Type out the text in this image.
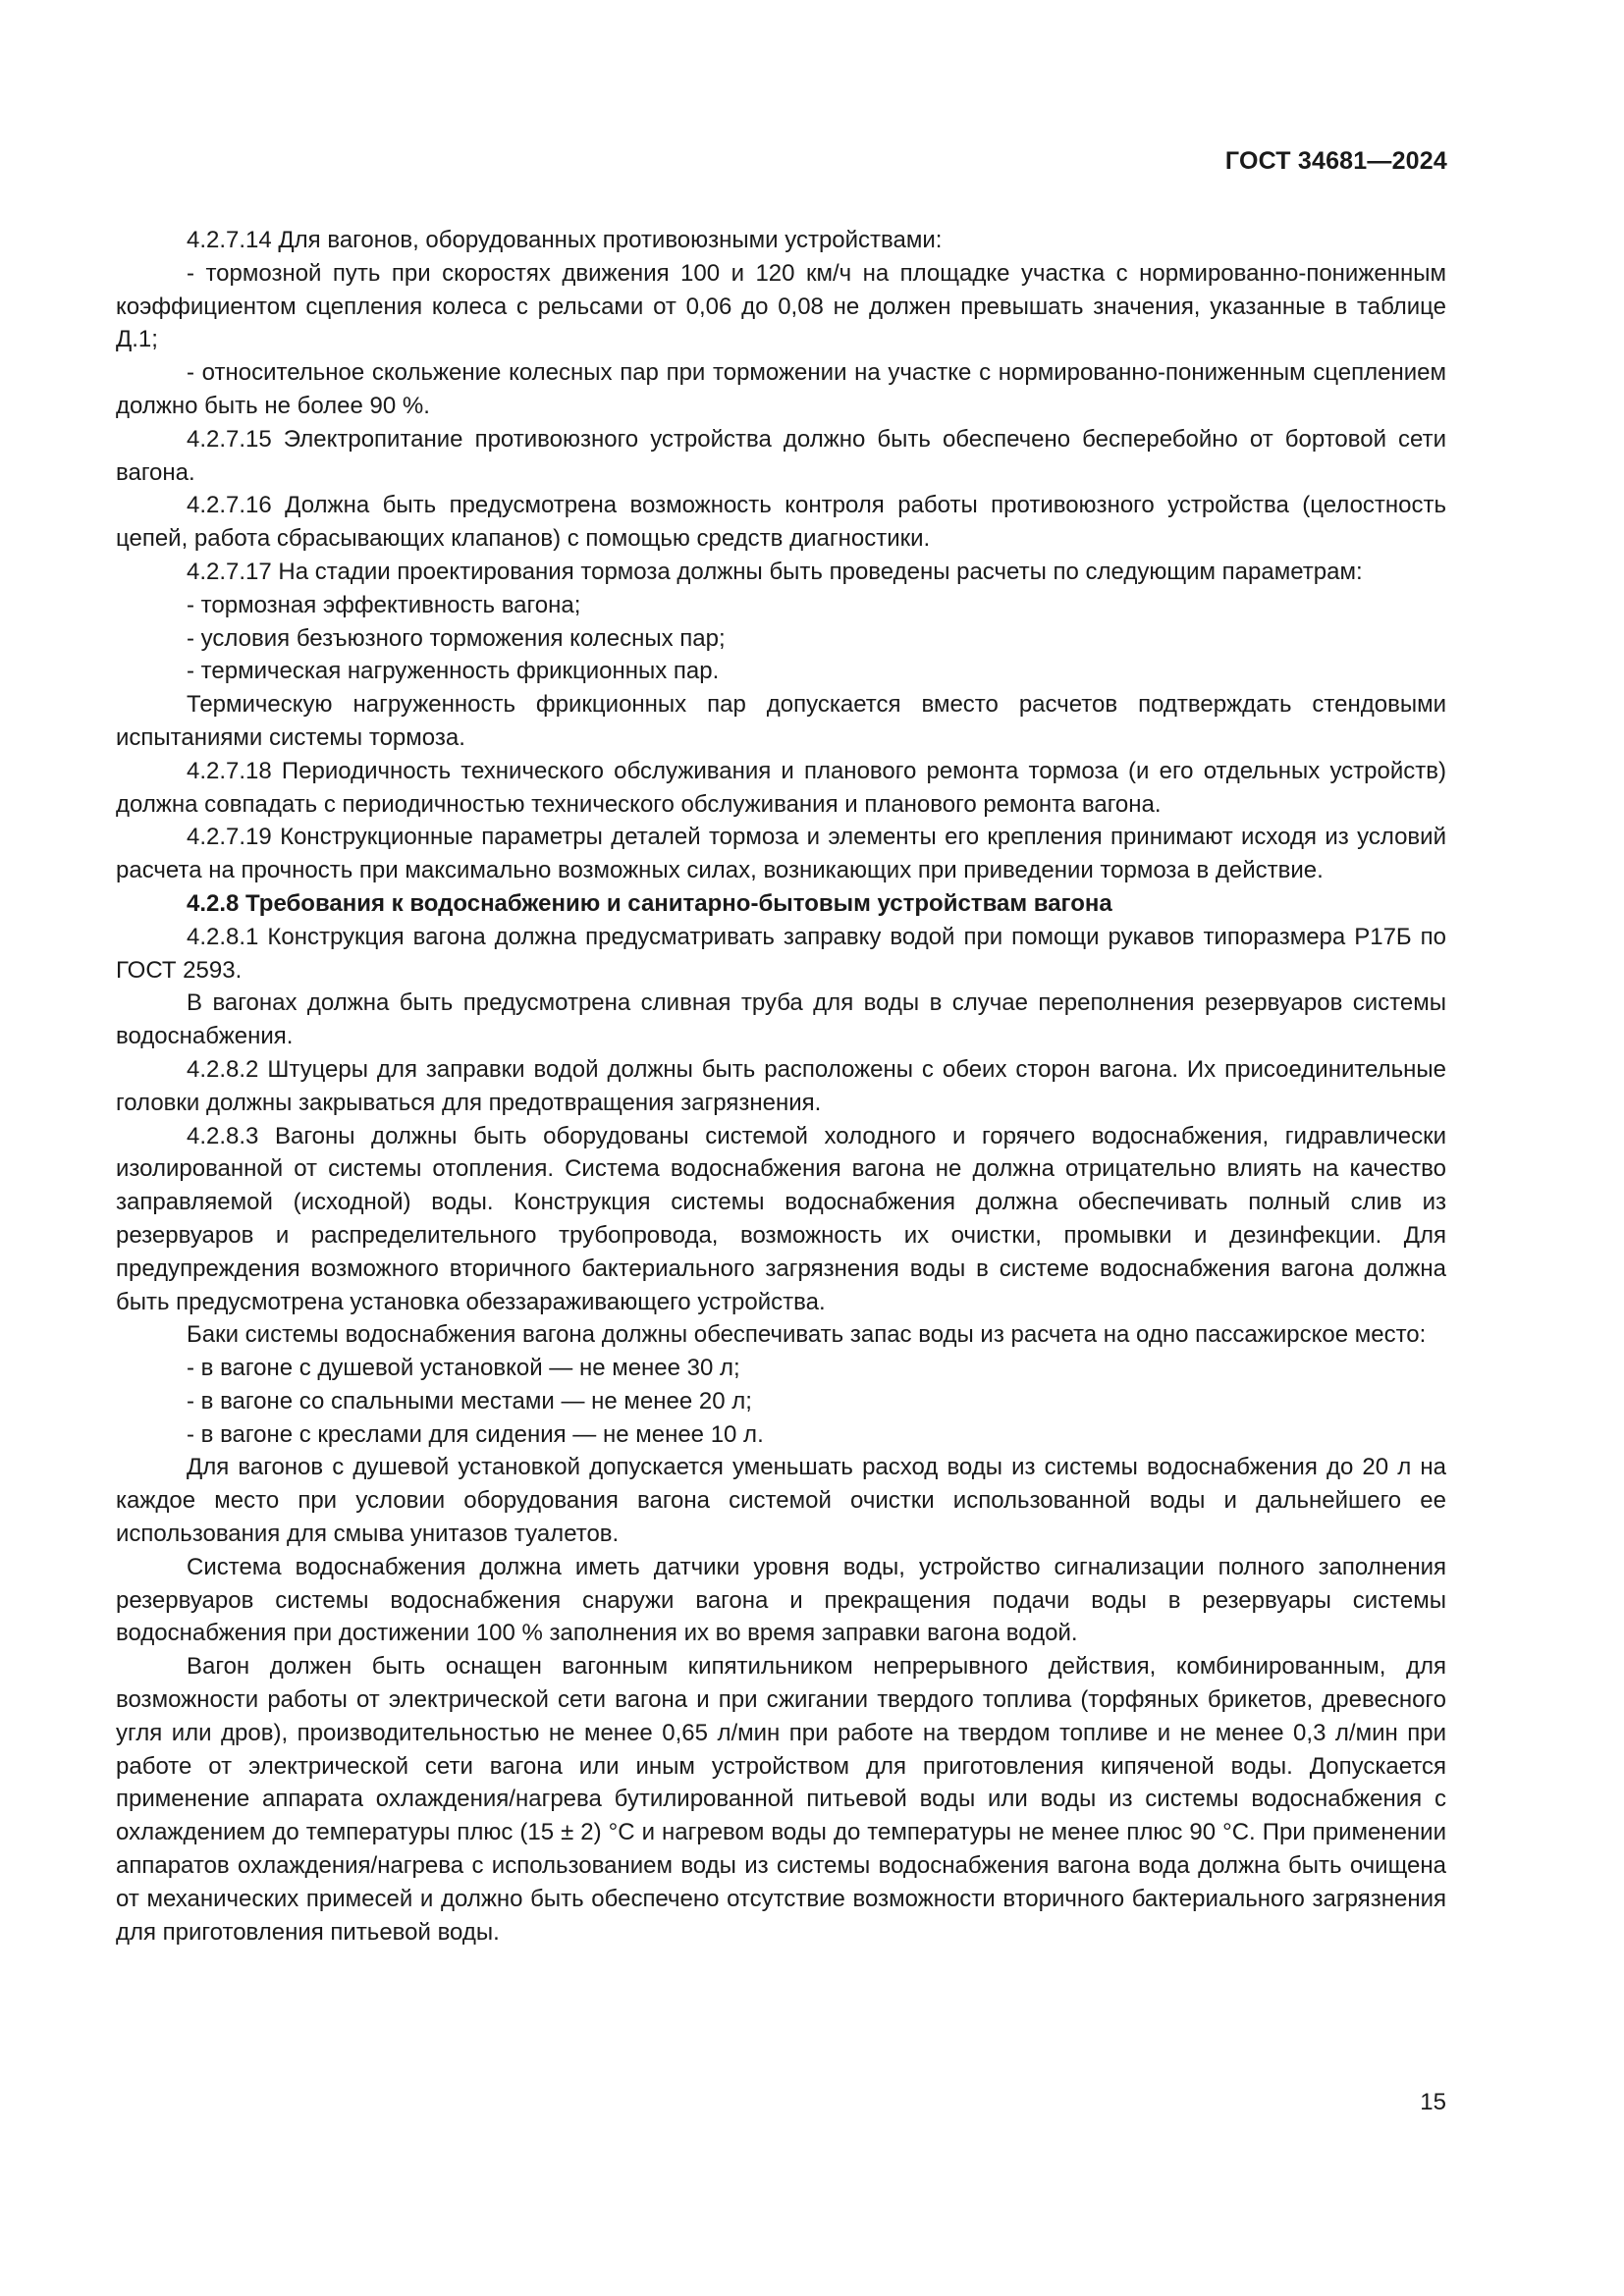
ГОСТ 34681—2024

4.2.7.14 Для вагонов, оборудованных противоюзными устройствами:

- тормозной путь при скоростях движения 100 и 120 км/ч на площадке участка с нормированно-пониженным коэффициентом сцепления колеса с рельсами от 0,06 до 0,08 не должен превышать значения, указанные в таблице Д.1;

- относительное скольжение колесных пар при торможении на участке с нормированно-пониженным сцеплением должно быть не более 90 %.

4.2.7.15 Электропитание противоюзного устройства должно быть обеспечено бесперебойно от бортовой сети вагона.

4.2.7.16 Должна быть предусмотрена возможность контроля работы противоюзного устройства (целостность цепей, работа сбрасывающих клапанов) с помощью средств диагностики.

4.2.7.17 На стадии проектирования тормоза должны быть проведены расчеты по следующим параметрам:

- тормозная эффективность вагона;

- условия безъюзного торможения колесных пар;

- термическая нагруженность фрикционных пар.

Термическую нагруженность фрикционных пар допускается вместо расчетов подтверждать стендовыми испытаниями системы тормоза.

4.2.7.18 Периодичность технического обслуживания и планового ремонта тормоза (и его отдельных устройств) должна совпадать с периодичностью технического обслуживания и планового ремонта вагона.

4.2.7.19 Конструкционные параметры деталей тормоза и элементы его крепления принимают исходя из условий расчета на прочность при максимально возможных силах, возникающих при приведении тормоза в действие.

4.2.8 Требования к водоснабжению и санитарно-бытовым устройствам вагона

4.2.8.1 Конструкция вагона должна предусматривать заправку водой при помощи рукавов типоразмера Р17Б по ГОСТ 2593.

В вагонах должна быть предусмотрена сливная труба для воды в случае переполнения резервуаров системы водоснабжения.

4.2.8.2 Штуцеры для заправки водой должны быть расположены с обеих сторон вагона. Их присоединительные головки должны закрываться для предотвращения загрязнения.

4.2.8.3 Вагоны должны быть оборудованы системой холодного и горячего водоснабжения, гидравлически изолированной от системы отопления. Система водоснабжения вагона не должна отрицательно влиять на качество заправляемой (исходной) воды. Конструкция системы водоснабжения должна обеспечивать полный слив из резервуаров и распределительного трубопровода, возможность их очистки, промывки и дезинфекции. Для предупреждения возможного вторичного бактериального загрязнения воды в системе водоснабжения вагона должна быть предусмотрена установка обеззараживающего устройства.

Баки системы водоснабжения вагона должны обеспечивать запас воды из расчета на одно пассажирское место:

- в вагоне с душевой установкой — не менее 30 л;

- в вагоне со спальными местами — не менее 20 л;

- в вагоне с креслами для сидения — не менее 10 л.

Для вагонов с душевой установкой допускается уменьшать расход воды из системы водоснабжения до 20 л на каждое место при условии оборудования вагона системой очистки использованной воды и дальнейшего ее использования для смыва унитазов туалетов.

Система водоснабжения должна иметь датчики уровня воды, устройство сигнализации полного заполнения резервуаров системы водоснабжения снаружи вагона и прекращения подачи воды в резервуары системы водоснабжения при достижении 100 % заполнения их во время заправки вагона водой.

Вагон должен быть оснащен вагонным кипятильником непрерывного действия, комбинированным, для возможности работы от электрической сети вагона и при сжигании твердого топлива (торфяных брикетов, древесного угля или дров), производительностью не менее 0,65 л/мин при работе на твердом топливе и не менее 0,3 л/мин при работе от электрической сети вагона или иным устройством для приготовления кипяченой воды. Допускается применение аппарата охлаждения/нагрева бутилированной питьевой воды или воды из системы водоснабжения с охлаждением до температуры плюс (15 ± 2) °С и нагревом воды до температуры не менее плюс 90 °С. При применении аппаратов охлаждения/нагрева с использованием воды из системы водоснабжения вагона вода должна быть очищена от механических примесей и должно быть обеспечено отсутствие возможности вторичного бактериального загрязнения для приготовления питьевой воды.

15
